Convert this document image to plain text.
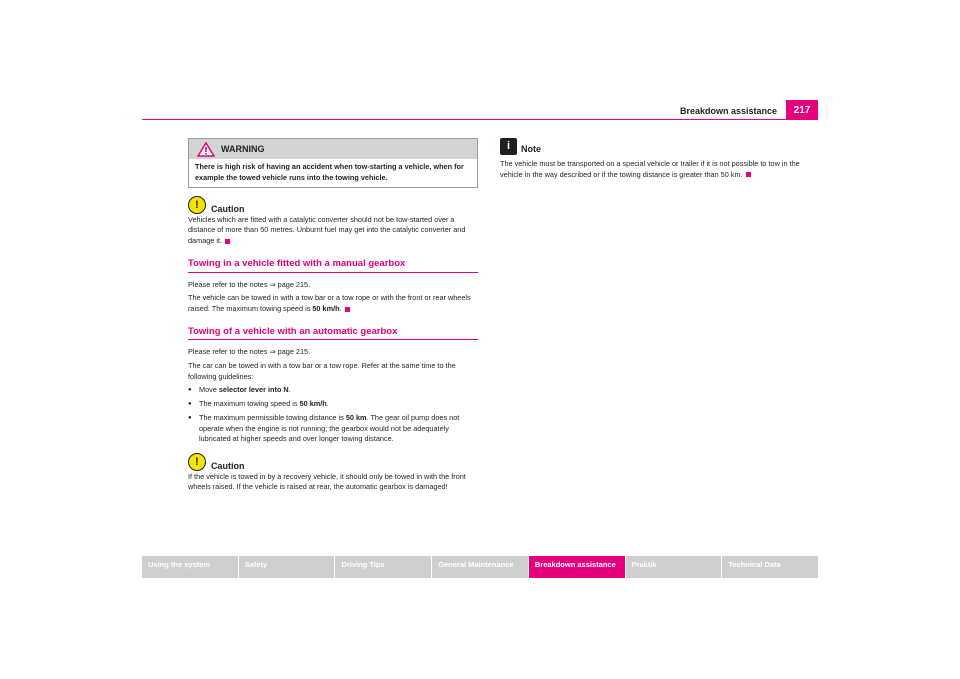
Breakdown assistance	217
WARNING
There is high risk of having an accident when tow-starting a vehicle, when for example the towed vehicle runs into the towing vehicle.
!	Caution

Vehicles which are fitted with a catalytic converter should not be tow-started over a distance of more than 50 metres. Unburnt fuel may get into the catalytic converter and damage it.

Towing in a vehicle fitted with a manual gearbox

Please refer to the notes ⇒ page 215.

The vehicle can be towed in with a tow bar or a tow rope or with the front or rear wheels raised. The maximum towing speed is 50 km/h.

Towing of a vehicle with an automatic gearbox

Please refer to the notes ⇒ page 215.

The car can be towed in with a tow bar or a tow rope. Refer at the same time to the following guidelines:

● Move selector lever into N.
● The maximum towing speed is 50 km/h.
● The maximum permissible towing distance is 50 km. The gear oil pump does not operate when the engine is not running; the gearbox would not be adequately lubricated at higher speeds and over longer towing distance.
!	Caution

If the vehicle is towed in by a recovery vehicle, it should only be towed in with the front wheels raised. If the vehicle is raised at rear, the automatic gearbox is damaged!

i	Note

The vehicle must be transported on a special vehicle or trailer if it is not possible to tow in the vehicle in the way described or if the towing distance is greater than 50 km.

Using the system	Safety	Driving Tips	General Maintenance	Breakdown assistance	Praktik	Technical Data
